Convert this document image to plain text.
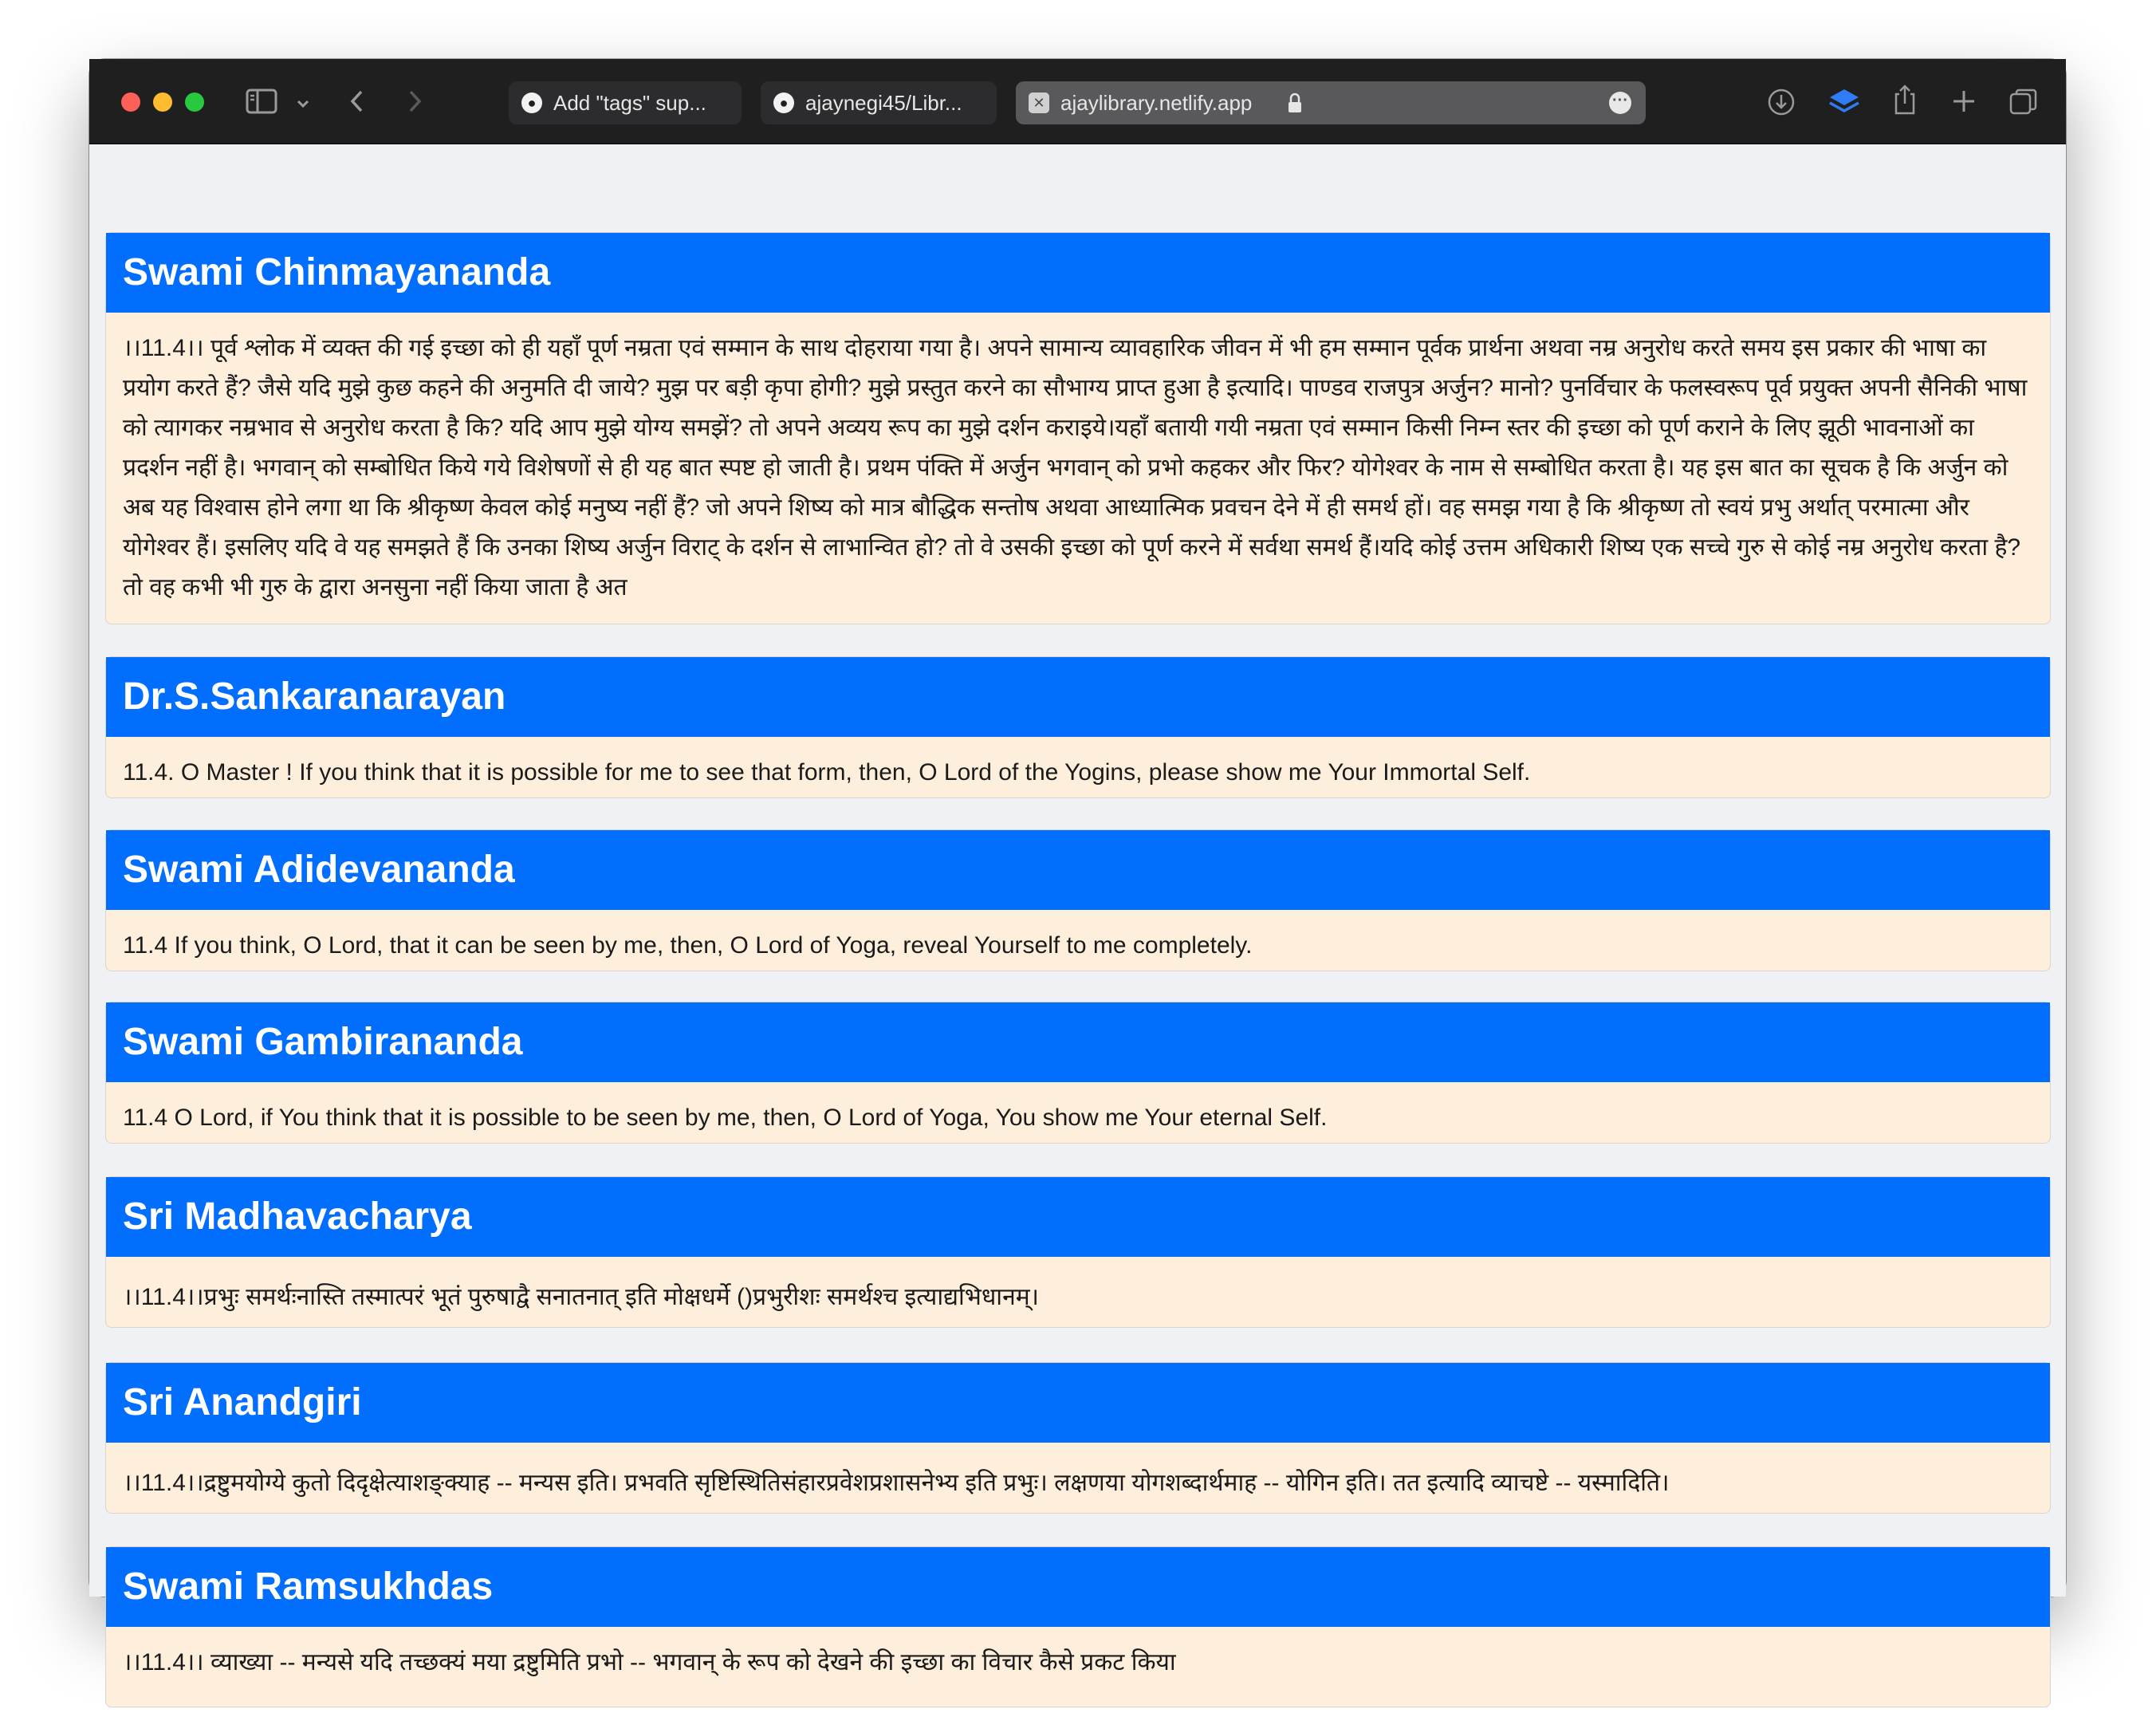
● Add "tags" sup...	● ajaynegi45/Libr...	✕ ajaylibrary.netlify.app	···
Swami Chinmayananda
।।11.4।। पूर्व श्लोक में व्यक्त की गई इच्छा को ही यहाँ पूर्ण नम्रता एवं सम्मान के साथ दोहराया गया है। अपने सामान्य व्यावहारिक जीवन में भी हम सम्मान पूर्वक प्रार्थना अथवा नम्र अनुरोध करते समय इस प्रकार की भाषा का प्रयोग करते हैं? जैसे यदि मुझे कुछ कहने की अनुमति दी जाये? मुझ पर बड़ी कृपा होगी? मुझे प्रस्तुत करने का सौभाग्य प्राप्त हुआ है इत्यादि। पाण्डव राजपुत्र अर्जुन? मानो? पुनर्विचार के फलस्वरूप पूर्व प्रयुक्त अपनी सैनिकी भाषा को त्यागकर नम्रभाव से अनुरोध करता है कि? यदि आप मुझे योग्य समझें? तो अपने अव्यय रूप का मुझे दर्शन कराइये।यहाँ बतायी गयी नम्रता एवं सम्मान किसी निम्न स्तर की इच्छा को पूर्ण कराने के लिए झूठी भावनाओं का प्रदर्शन नहीं है। भगवान् को सम्बोधित किये गये विशेषणों से ही यह बात स्पष्ट हो जाती है। प्रथम पंक्ति में अर्जुन भगवान् को प्रभो कहकर और फिर? योगेश्वर के नाम से सम्बोधित करता है। यह इस बात का सूचक है कि अर्जुन को अब यह विश्वास होने लगा था कि श्रीकृष्ण केवल कोई मनुष्य नहीं हैं? जो अपने शिष्य को मात्र बौद्धिक सन्तोष अथवा आध्यात्मिक प्रवचन देने में ही समर्थ हों। वह समझ गया है कि श्रीकृष्ण तो स्वयं प्रभु अर्थात् परमात्मा और योगेश्वर हैं। इसलिए यदि वे यह समझते हैं कि उनका शिष्य अर्जुन विराट् के दर्शन से लाभान्वित हो? तो वे उसकी इच्छा को पूर्ण करने में सर्वथा समर्थ हैं।यदि कोई उत्तम अधिकारी शिष्य एक सच्चे गुरु से कोई नम्र अनुरोध करता है? तो वह कभी भी गुरु के द्वारा अनसुना नहीं किया जाता है अत
Dr.S.Sankaranarayan
11.4. O Master ! If you think that it is possible for me to see that form, then, O Lord of the Yogins, please show me Your Immortal Self.
Swami Adidevananda
11.4 If you think, O Lord, that it can be seen by me, then, O Lord of Yoga, reveal Yourself to me completely.
Swami Gambirananda
11.4 O Lord, if You think that it is possible to be seen by me, then, O Lord of Yoga, You show me Your eternal Self.
Sri Madhavacharya
।।11.4।।प्रभुः समर्थःनास्ति तस्मात्परं भूतं पुरुषाद्वै सनातनात् इति मोक्षधर्मे ()प्रभुरीशः समर्थश्च इत्याद्यभिधानम्।
Sri Anandgiri
।।11.4।।द्रष्टुमयोग्ये कुतो दिदृक्षेत्याशङ्क्याह -- मन्यस इति। प्रभवति सृष्टिस्थितिसंहारप्रवेशप्रशासनेभ्य इति प्रभुः। लक्षणया योगशब्दार्थमाह -- योगिन इति। तत इत्यादि व्याचष्टे -- यस्मादिति।
Swami Ramsukhdas
।।11.4।। व्याख्या -- मन्यसे यदि तच्छक्यं मया द्रष्टुमिति प्रभो -- भगवान् के रूप को देखने की इच्छा का विचार कैसे प्रकट किया
